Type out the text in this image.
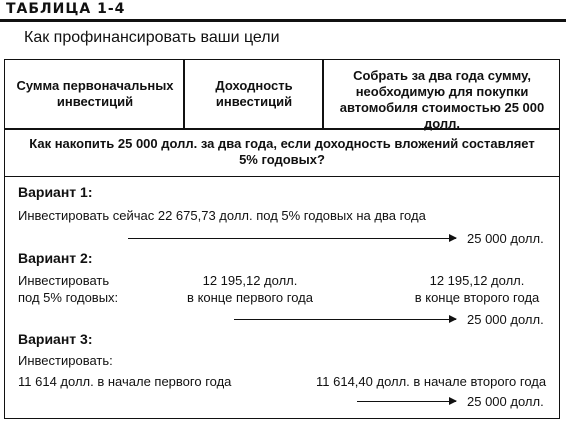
ТАБЛИЦА 1-4
Как профинансировать ваши цели
Сумма первоначальных инвестиций
Доходность инвестиций
Собрать за два года сумму, необходимую для покупки автомобиля стоимостью 25 000 долл.
Как накопить 25 000 долл. за два года, если доходность вложений составляет 5% годовых?
Вариант 1:
Инвестировать сейчас 22 675,73 долл. под 5% годовых на два года
25 000 долл.
Вариант 2:
Инвестировать
под 5% годовых:
12 195,12 долл.
в конце первого года
12 195,12 долл.
в конце второго года
25 000 долл.
Вариант 3:
Инвестировать:
11 614 долл. в начале первого года	11 614,40 долл. в начале второго года
25 000 долл.
